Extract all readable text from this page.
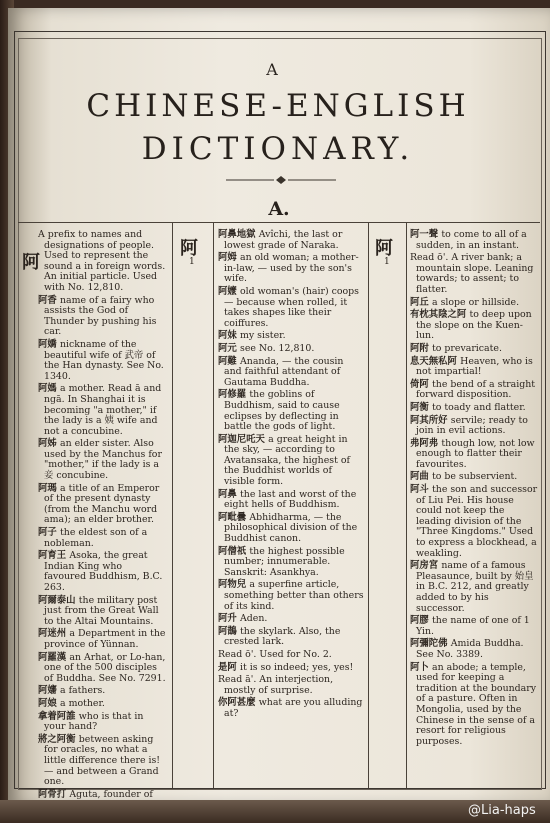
A
CHINESE-ENGLISH
DICTIONARY.
A.
阿
阿
1
阿
1
A prefix to names and designations of people. Used to represent the sound a in foreign words. An initial particle. Used with No. 12,810.
阿香 name of a fairy who assists the God of Thunder by pushing his car.
阿嬌 nickname of the beautiful wife of 武帝 of the Han dynasty. See No. 1340.
阿媽 a mother. Read ā and ngā. In Shanghai it is becoming "a mother," if the lady is a 姨 wife and not a concubine.
阿姊 an elder sister. Also used by the Manchus for "mother," if the lady is a 妾 concubine.
阿瑪 a title of an Emperor of the present dynasty (from the Manchu word ama); an elder brother.
阿子 the eldest son of a nobleman.
阿育王 Asoka, the great Indian King who favoured Buddhism, B.C. 263.
阿爾泰山 the military post just from the Great Wall to the Altai Mountains.
阿迷州 a Department in the province of Yünnan.
阿羅漢 an Arhat, or Lo-han, one of the 500 disciples of Buddha. See No. 7291.
阿嬸 a fathers.
阿娘 a mother.
拿着阿誰 who is that in your hand?
將之阿衡 between asking for oracles, no what a little difference there is! — and between a Grand one.
阿骨打 Aguta, founder of
阿鼻地獄 Avîchi, the last or lowest grade of Naraka.
阿姆 an old woman; a mother-in-law, — used by the son's wife.
阿嬤 old woman's (hair) coops — because when rolled, it takes shapes like their coiffures.
阿妹 my sister.
阿元 see No. 12,810.
阿難 Ananda, — the cousin and faithful attendant of Gautama Buddha.
阿修羅 the goblins of Buddhism, said to cause eclipses by deflecting in battle the gods of light.
阿迦尼吒天 a great height in the sky, — according to Avatansaka, the highest of the Buddhist worlds of visible form.
阿鼻 the last and worst of the eight hells of Buddhism.
阿毗曇 Abhidharma, — the philosophical division of the Buddhist canon.
阿僧祇 the highest possible number; innumerable. Sanskrit: Asankhya.
阿物兒 a superfine article, something better than others of its kind.
阿升 Aden.
阿鵲 the skylark. Also, the crested lark.
Read ō'. Used for No. 2.
是阿 it is so indeed; yes, yes!
Read ā'. An interjection, mostly of surprise.
你阿甚麼 what are you alluding at?
阿一聲 to come to all of a sudden, in an instant.
Read ō'. A river bank; a mountain slope. Leaning towards; to assent; to flatter.
阿丘 a slope or hillside.
有枕其陰之阿 to deep upon the slope on the Kuen-lun.
阿附 to prevaricate.
息天無私阿 Heaven, who is not impartial!
倚阿 the bend of a straight forward disposition.
阿衡 to toady and flatter.
阿其所好 servile; ready to join in evil actions.
弗阿弗 though low, not low enough to flatter their favourites.
阿曲 to be subservient.
阿斗 the son and successor of Liu Pei. His house could not keep the leading division of the "Three Kingdoms." Used to express a blockhead, a weakling.
阿房宮 name of a famous Pleasaunce, built by 始皇 in B.C. 212, and greatly added to by his successor.
阿膠 the name of one of 1 Yin.
阿彌陀佛 Amida Buddha. See No. 3389.
阿卜 an abode; a temple, used for keeping a tradition at the boundary of a pasture. Often in Mongolia, used by the Chinese in the sense of a resort for religious purposes.
@Lia-haps
